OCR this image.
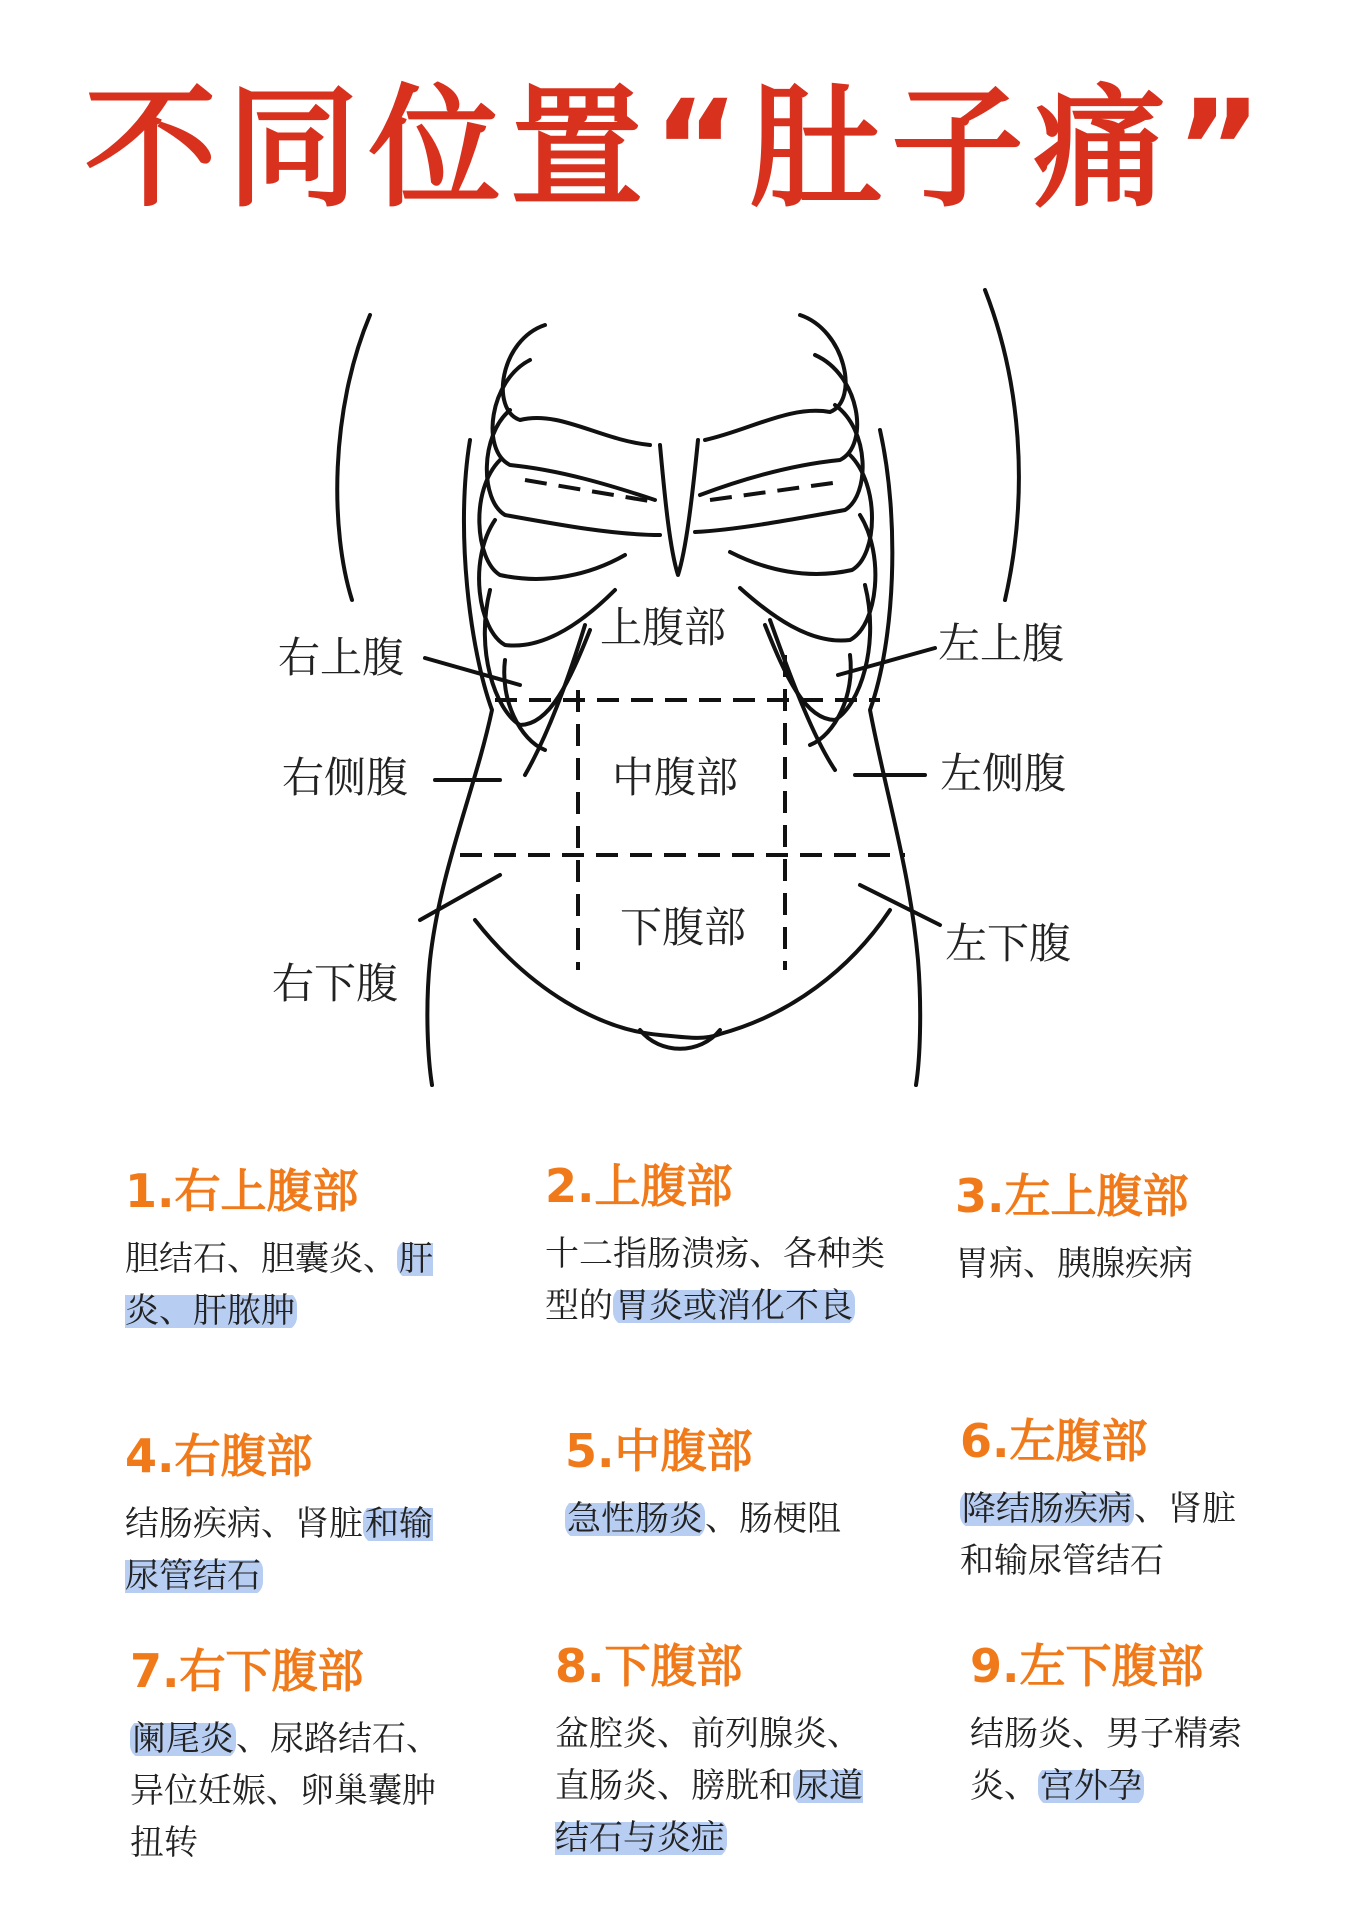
不同位置“肚子痛”
右上腹
上腹部	左上腹
右侧腹	中腹部	左侧腹
右下腹
下腹部	左下腹
1.右上腹部

胆结石、胆囊炎、肝炎、肝脓肿

2.上腹部

十二指肠溃疡、各种类型的胃炎或消化不良

3.左上腹部

胃病、胰腺疾病

4.右腹部

结肠疾病、肾脏和输尿管结石

5.中腹部

急性肠炎、肠梗阻

6.左腹部

降结肠疾病、肾脏和输尿管结石

7.右下腹部

阑尾炎、尿路结石、异位妊娠、卵巢囊肿扭转

8.下腹部

盆腔炎、前列腺炎、直肠炎、膀胱和尿道结石与炎症

9.左下腹部

结肠炎、男子精索炎、宫外孕
